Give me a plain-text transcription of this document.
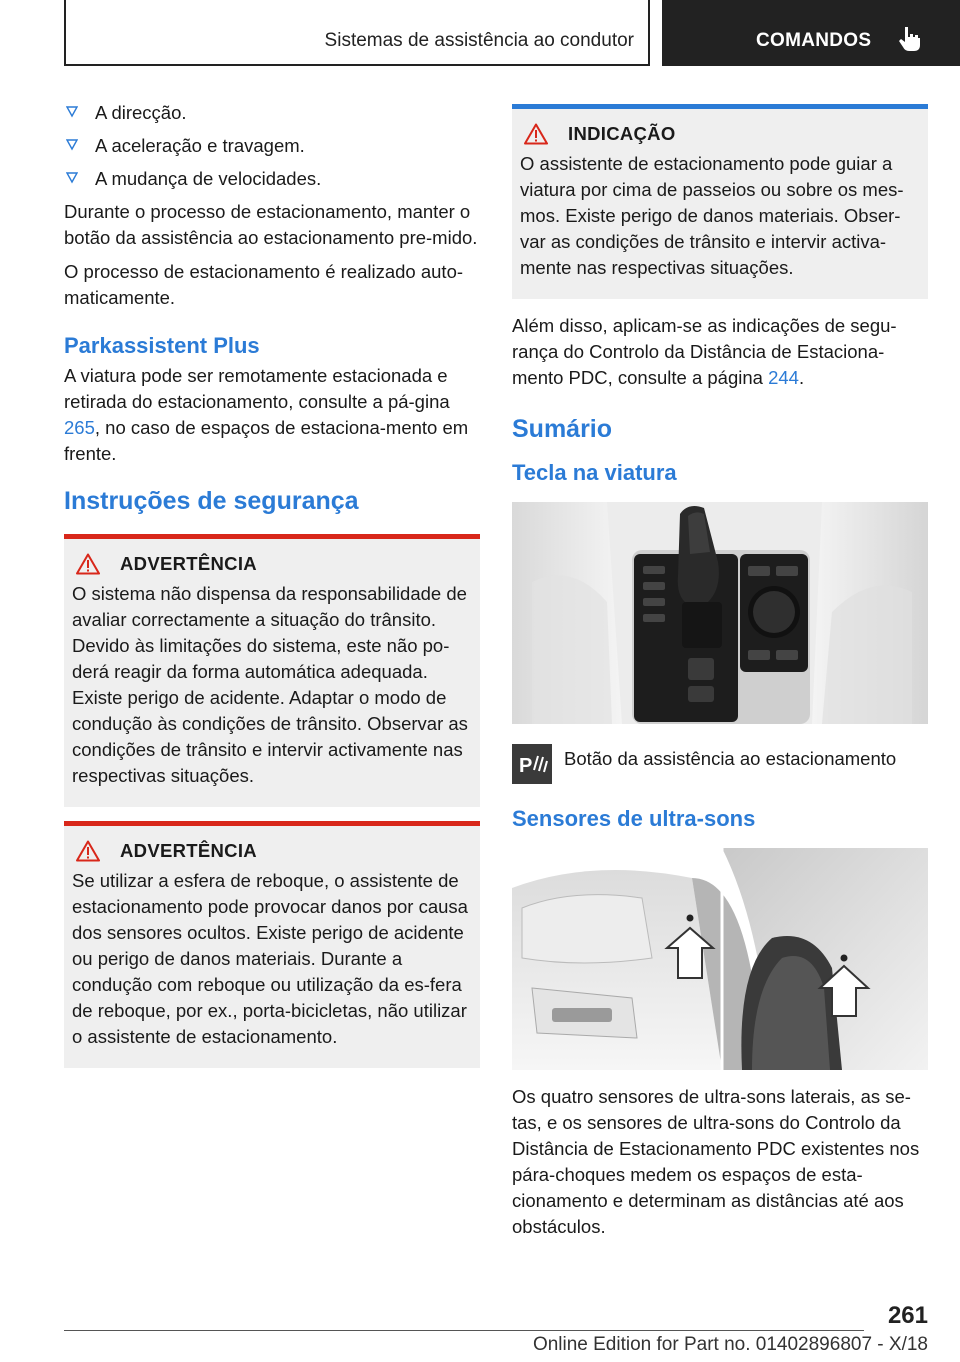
Sistemas de assistência ao condutor	COMANDOS
A direcção.
A aceleração e travagem.
A mudança de velocidades.

Durante o processo de estacionamento, manter o botão da assistência ao estacionamento pre-mido.

O processo de estacionamento é realizado auto-maticamente.

Parkassistent Plus

A viatura pode ser remotamente estacionada e retirada do estacionamento, consulte a pá-gina 265, no caso de espaços de estaciona-mento em frente.

Instruções de segurança
ADVERTÊNCIA

O sistema não dispensa da responsabilidade de avaliar correctamente a situação do trânsito. Devido às limitações do sistema, este não po-derá reagir da forma automática adequada. Existe perigo de acidente. Adaptar o modo de condução às condições de trânsito. Observar as condições de trânsito e intervir activamente nas respectivas situações.

ADVERTÊNCIA

Se utilizar a esfera de reboque, o assistente de estacionamento pode provocar danos por causa dos sensores ocultos. Existe perigo de acidente ou perigo de danos materiais. Durante a condução com reboque ou utilização da es-fera de reboque, por ex., porta-bicicletas, não utilizar o assistente de estacionamento.

INDICAÇÃO

O assistente de estacionamento pode guiar a viatura por cima de passeios ou sobre os mes-mos. Existe perigo de danos materiais. Obser-var as condições de trânsito e intervir activa-mente nas respectivas situações.

Além disso, aplicam-se as indicações de segu-rança do Controlo da Distância de Estaciona-mento PDC, consulte a página 244.

Sumário
Tecla na viatura
P Botão da assistência ao estacionamento
Sensores de ultra-sons

Os quatro sensores de ultra-sons laterais, as se-tas, e os sensores de ultra-sons do Controlo da Distância de Estacionamento PDC existentes nos pára-choques medem os espaços de esta-cionamento e determinam as distâncias até aos obstáculos.

261
Online Edition for Part no. 01402896807 - X/18
